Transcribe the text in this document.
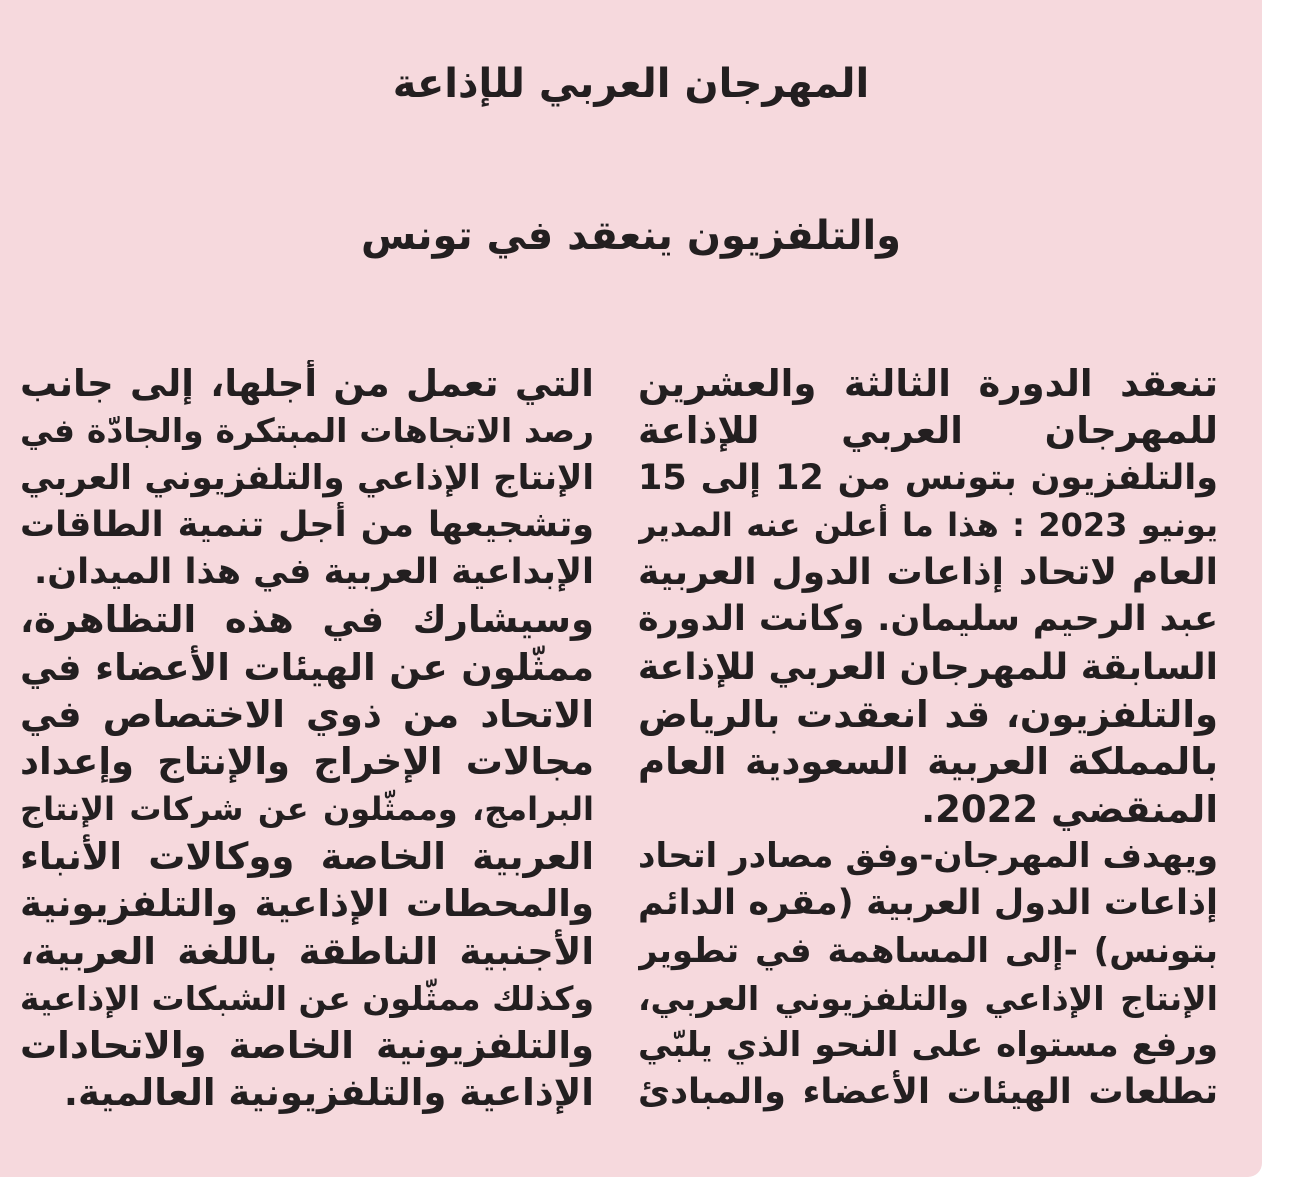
المهرجان العربي للإذاعة
والتلفزيون ينعقد في تونس

تنعقد الدورة الثالثة والعشرين
للمهرجان العربي للإذاعة
والتلفزيون بتونس من 12 إلى 15
يونيو 2023 : هذا ما أعلن عنه المدير
العام لاتحاد إذاعات الدول العربية
عبد الرحيم سليمان. وكانت الدورة
السابقة للمهرجان العربي للإذاعة
والتلفزيون، قد انعقدت بالرياض
بالمملكة العربية السعودية العام
المنقضي 2022.

ويهدف المهرجان-وفق مصادر اتحاد
إذاعات الدول العربية (مقره الدائم
بتونس) -إلى المساهمة في تطوير
الإنتاج الإذاعي والتلفزيوني العربي،
ورفع مستواه على النحو الذي يلبّي
تطلعات الهيئات الأعضاء والمبادئ

التي تعمل من أجلها، إلى جانب
رصد الاتجاهات المبتكرة والجادّة في
الإنتاج الإذاعي والتلفزيوني العربي
وتشجيعها من أجل تنمية الطاقات
الإبداعية العربية في هذا الميدان.

وسيشارك في هذه التظاهرة،
ممثّلون عن الهيئات الأعضاء في
الاتحاد من ذوي الاختصاص في
مجالات الإخراج والإنتاج وإعداد
البرامج، وممثّلون عن شركات الإنتاج
العربية الخاصة ووكالات الأنباء
والمحطات الإذاعية والتلفزيونية
الأجنبية الناطقة باللغة العربية،
وكذلك ممثّلون عن الشبكات الإذاعية
والتلفزيونية الخاصة والاتحادات
الإذاعية والتلفزيونية العالمية.
